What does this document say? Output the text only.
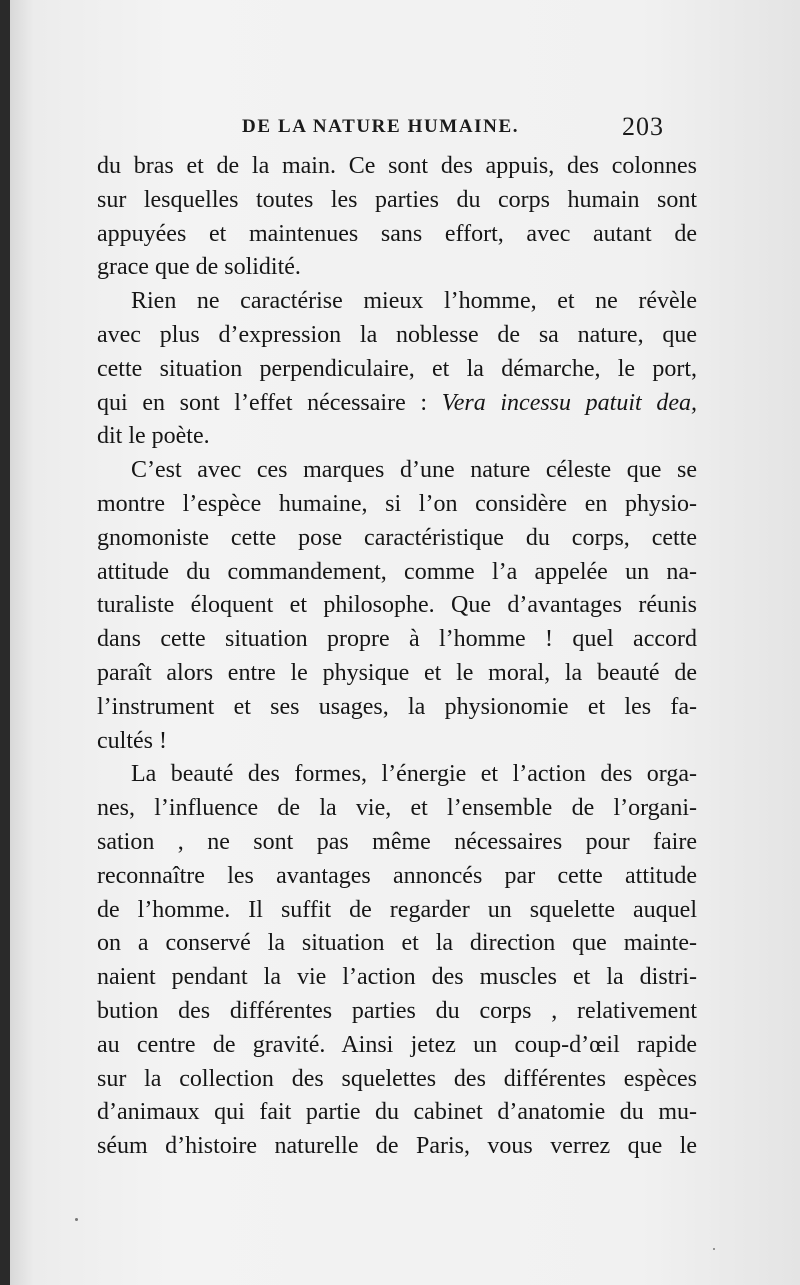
DE LA NATURE HUMAINE.	203
du bras et de la main. Ce sont des appuis, des colonnes
sur lesquelles toutes les parties du corps humain sont
appuyées et maintenues sans effort, avec autant de
grace que de solidité.
Rien ne caractérise mieux l’homme, et ne révèle
avec plus d’expression la noblesse de sa nature, que
cette situation perpendiculaire, et la démarche, le port,
qui en sont l’effet nécessaire : Vera incessu patuit dea,
dit le poète.
C’est avec ces marques d’une nature céleste que se
montre l’espèce humaine, si l’on considère en physio-
gnomoniste cette pose caractéristique du corps, cette
attitude du commandement, comme l’a appelée un na-
turaliste éloquent et philosophe. Que d’avantages réunis
dans cette situation propre à l’homme ! quel accord
paraît alors entre le physique et le moral, la beauté de
l’instrument et ses usages, la physionomie et les fa-
cultés !
La beauté des formes, l’énergie et l’action des orga-
nes, l’influence de la vie, et l’ensemble de l’organi-
sation , ne sont pas même nécessaires pour faire
reconnaître les avantages annoncés par cette attitude
de l’homme. Il suffit de regarder un squelette auquel
on a conservé la situation et la direction que mainte-
naient pendant la vie l’action des muscles et la distri-
bution des différentes parties du corps , relativement
au centre de gravité. Ainsi jetez un coup-d’œil rapide
sur la collection des squelettes des différentes espèces
d’animaux qui fait partie du cabinet d’anatomie du mu-
séum d’histoire naturelle de Paris, vous verrez que le
